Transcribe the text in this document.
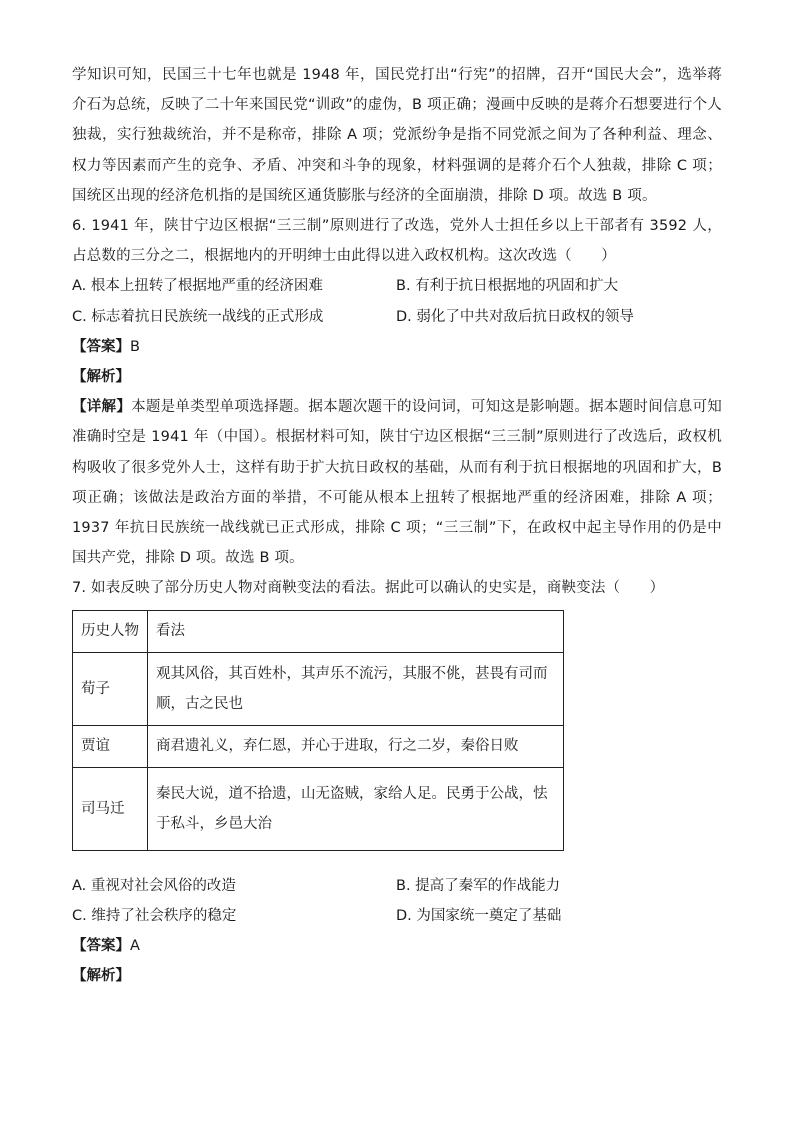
学知识可知，民国三十七年也就是 1948 年，国民党打出“行宪”的招牌，召开“国民大会”，选举蒋介石为总统，反映了二十年来国民党“训政”的虚伪，B 项正确；漫画中反映的是蒋介石想要进行个人独裁，实行独裁统治，并不是称帝，排除 A 项；党派纷争是指不同党派之间为了各种利益、理念、权力等因素而产生的竞争、矛盾、冲突和斗争的现象，材料强调的是蒋介石个人独裁，排除 C 项；国统区出现的经济危机指的是国统区通货膨胀与经济的全面崩溃，排除 D 项。故选 B 项。

6. 1941 年，陕甘宁边区根据“三三制”原则进行了改选，党外人士担任乡以上干部者有 3592 人，占总数的三分之二，根据地内的开明绅士由此得以进入政权机构。这次改选（　　）

A. 根本上扭转了根据地严重的经济困难	B. 有利于抗日根据地的巩固和扩大
C. 标志着抗日民族统一战线的正式形成	D. 弱化了中共对敌后抗日政权的领导

【答案】B

【解析】

【详解】本题是单类型单项选择题。据本题次题干的设问词，可知这是影响题。据本题时间信息可知准确时空是 1941 年（中国）。根据材料可知，陕甘宁边区根据“三三制”原则进行了改选后，政权机构吸收了很多党外人士，这样有助于扩大抗日政权的基础，从而有利于抗日根据地的巩固和扩大，B 项正确；该做法是政治方面的举措，不可能从根本上扭转了根据地严重的经济困难，排除 A 项；1937 年抗日民族统一战线就已正式形成，排除 C 项；“三三制”下，在政权中起主导作用的仍是中国共产党，排除 D 项。故选 B 项。

7. 如表反映了部分历史人物对商鞅变法的看法。据此可以确认的史实是，商鞅变法（　　）

历史人物	看法
荀子	观其风俗，其百姓朴，其声乐不流污，其服不佻，甚畏有司而顺，古之民也
贾谊	商君遗礼义，弃仁恩，并心于进取，行之二岁，秦俗日败
司马迁	秦民大说，道不拾遗，山无盗贼，家给人足。民勇于公战，怯于私斗，乡邑大治
A. 重视对社会风俗的改造	B. 提高了秦军的作战能力
C. 维持了社会秩序的稳定	D. 为国家统一奠定了基础

【答案】A

【解析】
